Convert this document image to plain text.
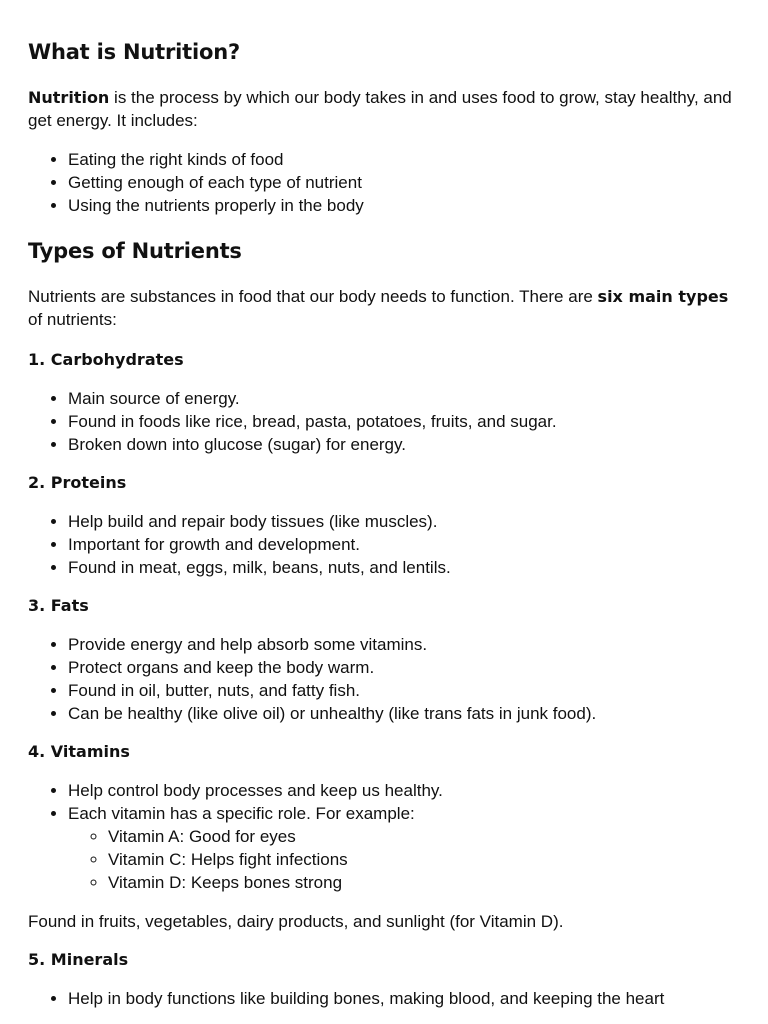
What is Nutrition?

Nutrition is the process by which our body takes in and uses food to grow, stay healthy, and get energy. It includes:

• Eating the right kinds of food
• Getting enough of each type of nutrient
• Using the nutrients properly in the body
Types of Nutrients

Nutrients are substances in food that our body needs to function. There are six main types of nutrients:

1. Carbohydrates
• Main source of energy.
• Found in foods like rice, bread, pasta, potatoes, fruits, and sugar.
• Broken down into glucose (sugar) for energy.
2. Proteins
• Help build and repair body tissues (like muscles).
• Important for growth and development.
• Found in meat, eggs, milk, beans, nuts, and lentils.
3. Fats
• Provide energy and help absorb some vitamins.
• Protect organs and keep the body warm.
• Found in oil, butter, nuts, and fatty fish.
• Can be healthy (like olive oil) or unhealthy (like trans fats in junk food).
4. Vitamins
• Help control body processes and keep us healthy.
• Each vitamin has a specific role. For example:
◦ Vitamin A: Good for eyes
◦ Vitamin C: Helps fight infections
◦ Vitamin D: Keeps bones strong

Found in fruits, vegetables, dairy products, and sunlight (for Vitamin D).

5. Minerals
• Help in body functions like building bones, making blood, and keeping the heart
